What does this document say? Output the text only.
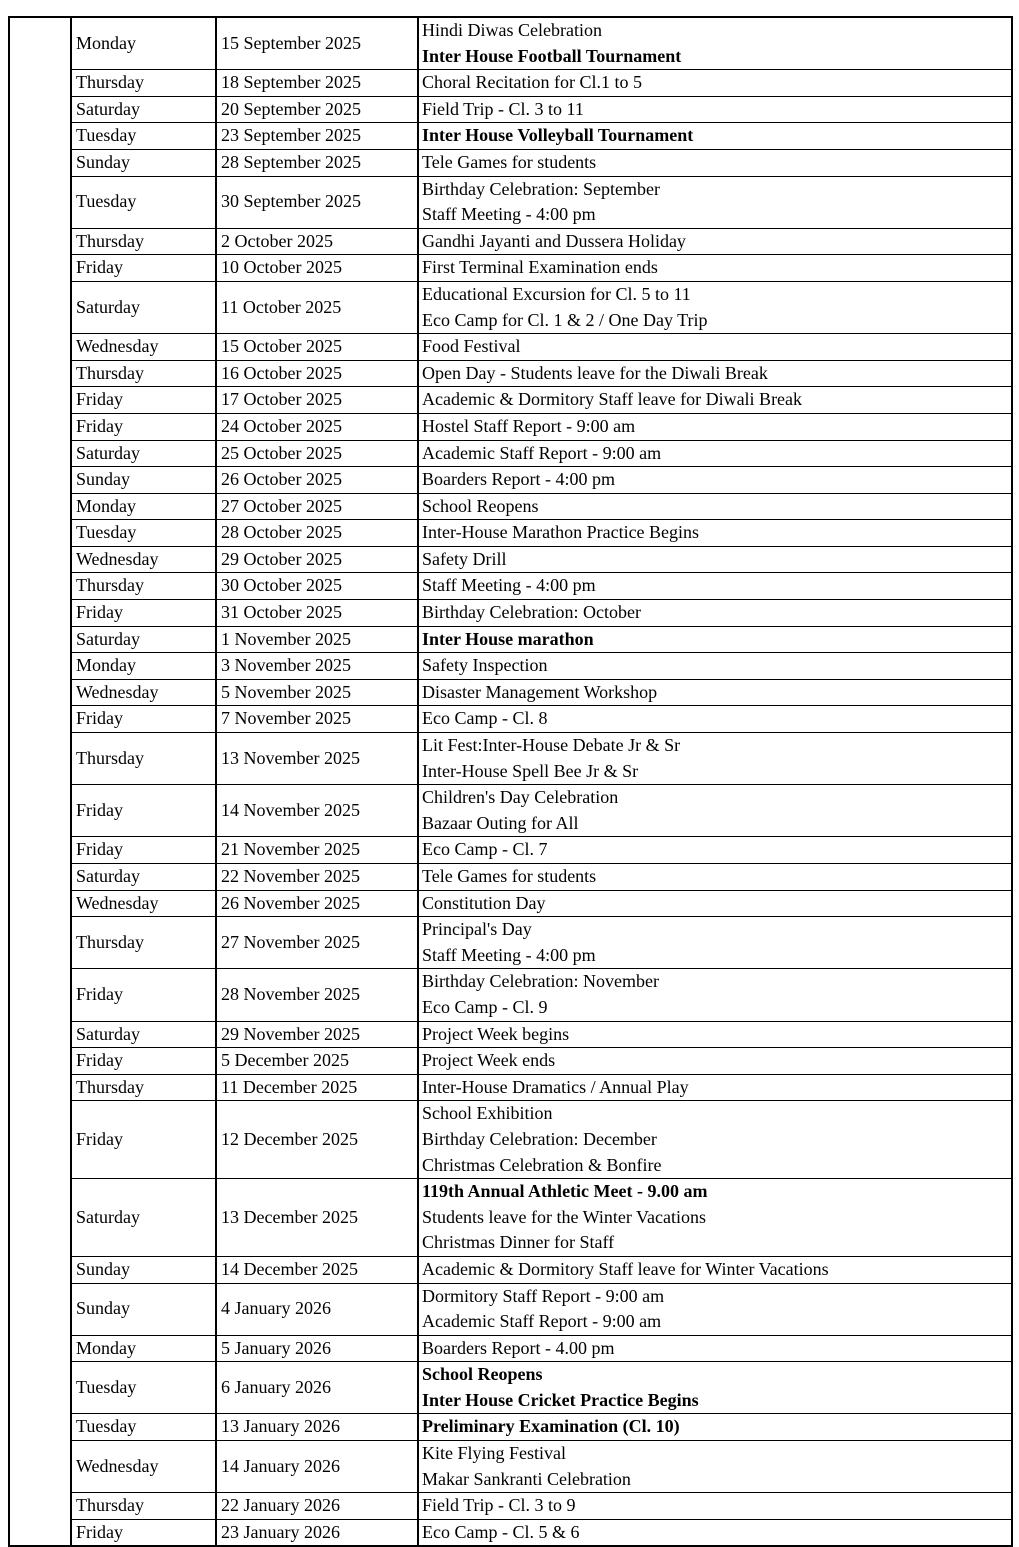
	Monday	15 September 2025	Hindi Diwas Celebration
Inter House Football Tournament

	Thursday	18 September 2025	Choral Recitation for Cl.1 to 5

	Saturday	20 September 2025	Field Trip - Cl. 3 to 11

	Tuesday	23 September 2025	Inter House Volleyball Tournament

	Sunday	28 September 2025	Tele Games for students

	Tuesday	30 September 2025	Birthday Celebration: September
Staff Meeting - 4:00 pm

	Thursday	2 October 2025	Gandhi Jayanti and Dussera Holiday

	Friday	10 October 2025	First Terminal Examination ends

	Saturday	11 October 2025	Educational Excursion for Cl. 5 to 11
Eco Camp for Cl. 1 & 2 / One Day Trip

	Wednesday	15 October 2025	Food Festival

	Thursday	16 October 2025	Open Day - Students leave for the Diwali Break

	Friday	17 October 2025	Academic & Dormitory Staff leave for Diwali Break

	Friday	24 October 2025	Hostel Staff Report - 9:00 am

	Saturday	25 October 2025	Academic Staff Report - 9:00 am

	Sunday	26 October 2025	Boarders Report - 4:00 pm

	Monday	27 October 2025	School Reopens

	Tuesday	28 October 2025	Inter-House Marathon Practice Begins

	Wednesday	29 October 2025	Safety Drill

	Thursday	30 October 2025	Staff Meeting - 4:00 pm

	Friday	31 October 2025	Birthday Celebration: October

	Saturday	1 November 2025	Inter House marathon

	Monday	3 November 2025	Safety Inspection

	Wednesday	5 November 2025	Disaster Management Workshop

	Friday	7 November 2025	Eco Camp - Cl. 8

	Thursday	13 November 2025	Lit Fest:Inter-House Debate Jr & Sr
Inter-House Spell Bee Jr & Sr

	Friday	14 November 2025	Children's Day Celebration
Bazaar Outing for All

	Friday	21 November 2025	Eco Camp - Cl. 7

	Saturday	22 November 2025	Tele Games for students

	Wednesday	26 November 2025	Constitution Day

	Thursday	27 November 2025	Principal's Day
Staff Meeting - 4:00 pm

	Friday	28 November 2025	Birthday Celebration: November
Eco Camp - Cl. 9

	Saturday	29 November 2025	Project Week begins

	Friday	5 December 2025	Project Week ends

	Thursday	11 December 2025	Inter-House Dramatics / Annual Play

	Friday	12 December 2025	School Exhibition
Birthday Celebration: December
Christmas Celebration & Bonfire

	Saturday	13 December 2025	119th Annual Athletic Meet - 9.00 am
Students leave for the Winter Vacations
Christmas Dinner for Staff

	Sunday	14 December 2025	Academic & Dormitory Staff leave for Winter Vacations

	Sunday	4 January 2026	Dormitory Staff Report - 9:00 am
Academic Staff Report - 9:00 am

	Monday	5 January 2026	Boarders Report - 4.00 pm

	Tuesday	6 January 2026	School Reopens
Inter House Cricket Practice Begins

	Tuesday	13 January 2026	Preliminary Examination (Cl. 10)

	Wednesday	14 January 2026	Kite Flying Festival
Makar Sankranti Celebration

	Thursday	22 January 2026	Field Trip - Cl. 3 to 9

	Friday	23 January 2026	Eco Camp - Cl. 5 & 6
